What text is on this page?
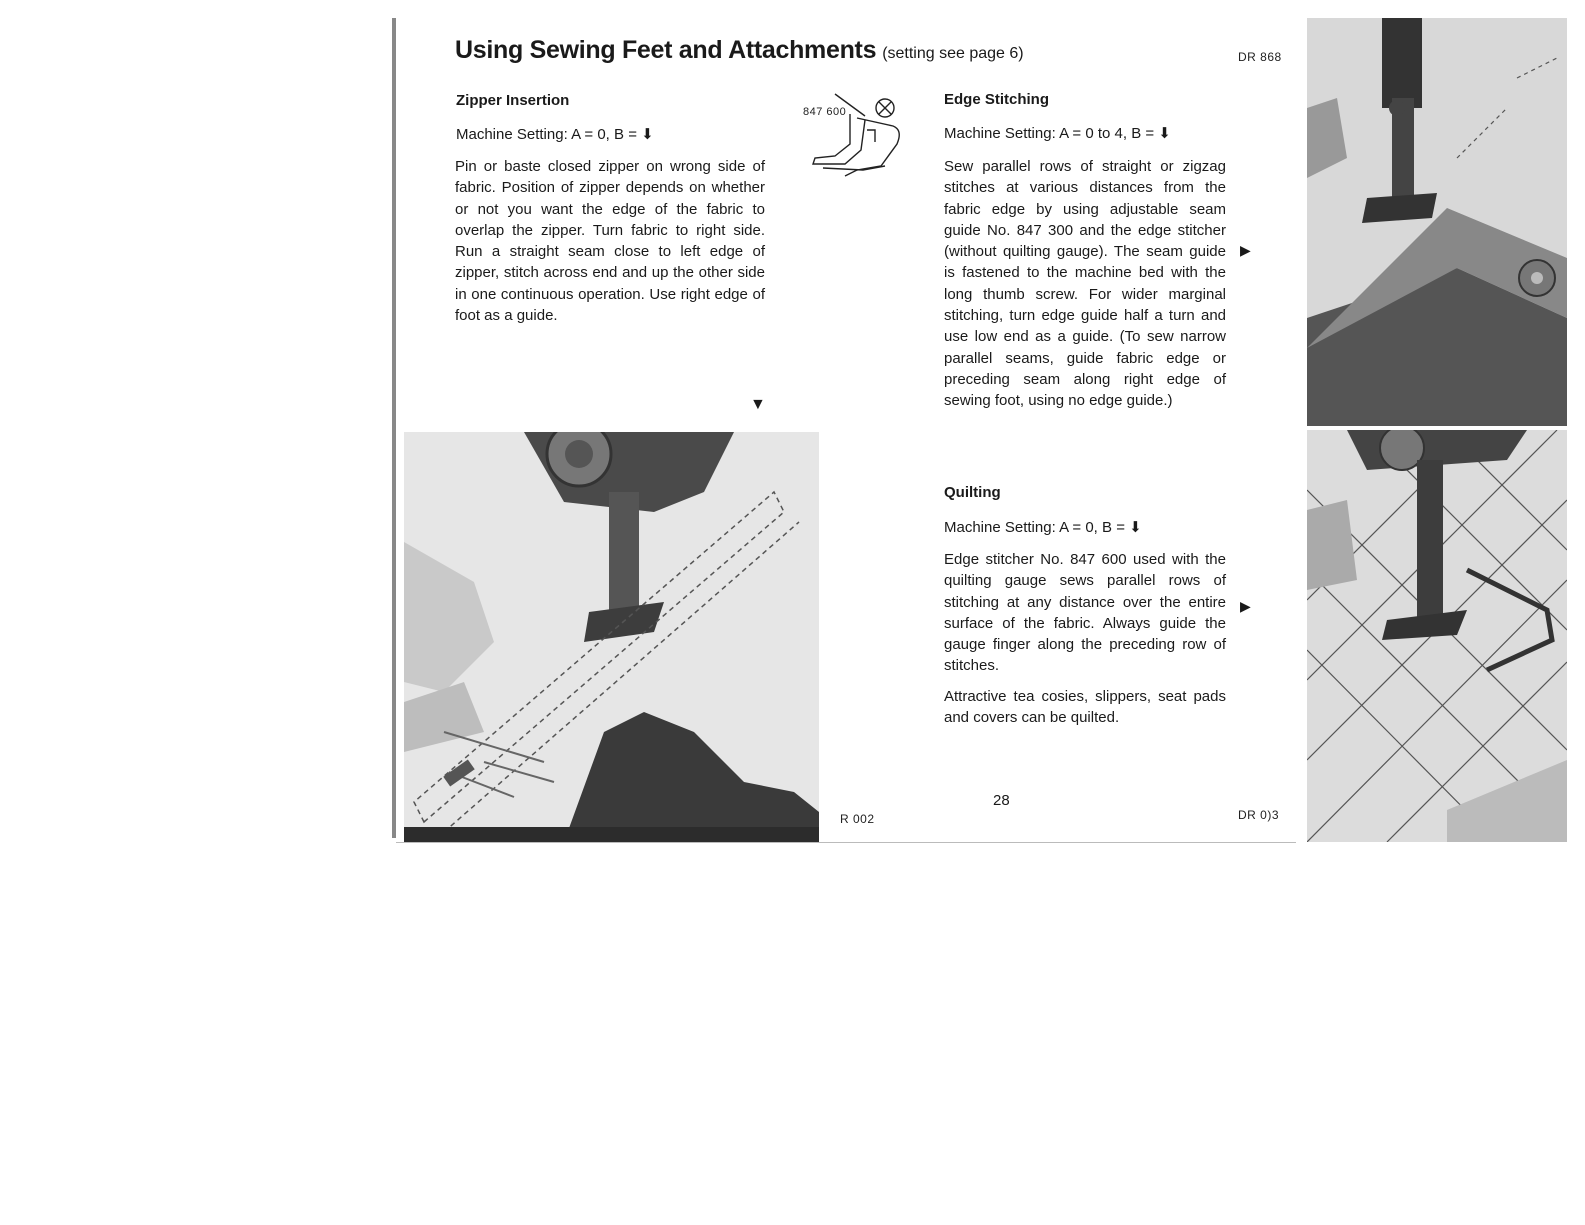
Using Sewing Feet and Attachments (setting see page 6)	DR 868
Zipper Insertion
Machine Setting: A = 0, B = ⬇
Pin or baste closed zipper on wrong side of fabric. Position of zipper depends on whether or not you want the edge of the fabric to overlap the zipper. Turn fabric to right side. Run a straight seam close to left edge of zipper, stitch across end and up the other side in one continuous operation. Use right edge of foot as a guide.
▼
847 600
R 002
Edge Stitching
Machine Setting: A = 0 to 4, B = ⬇
Sew parallel rows of straight or zigzag stitches at various distances from the fabric edge by using adjustable seam guide No. 847 300 and the edge stitcher (without quilting gauge). The seam guide is fastened to the machine bed with the long thumb screw. For wider marginal stitching, turn edge guide half a turn and use low end as a guide. (To sew narrow parallel seams, guide fabric edge or preceding seam along right edge of sewing foot, using no edge guide.)
▶
Quilting
Machine Setting: A = 0, B = ⬇
Edge stitcher No. 847 600 used with the quilting gauge sews parallel rows of stitching at any distance over the entire surface of the fabric. Always guide the gauge finger along the preceding row of stitches.
Attractive tea cosies, slippers, seat pads and covers can be quilted.
▶
28
DR 0)3
